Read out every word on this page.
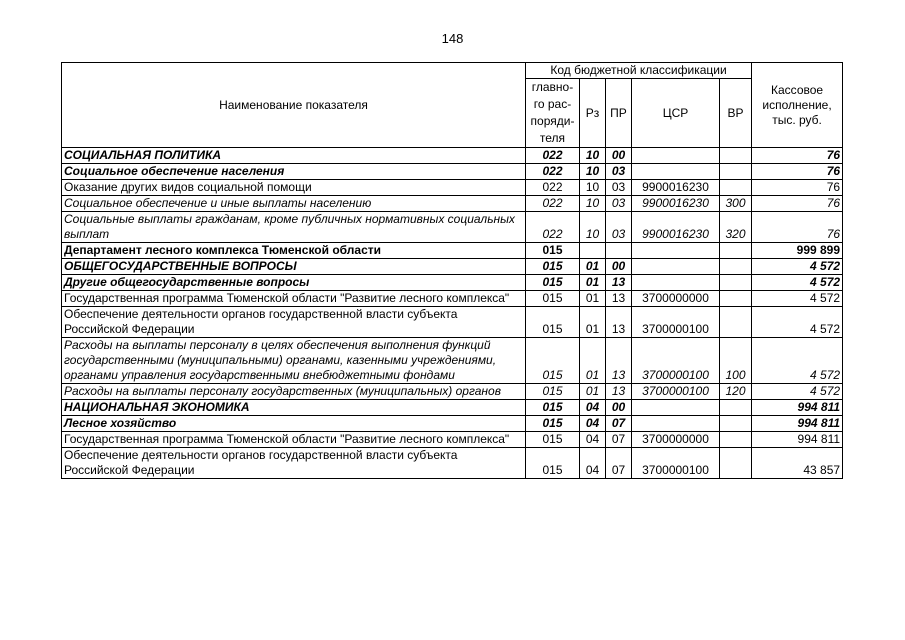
148
Наименование показателя	Код бюджетной классификации					Кассовое исполнение, тыс. руб.
	главно-го рас-поряди-теля	Рз	ПР	ЦСР	ВР	
СОЦИАЛЬНАЯ ПОЛИТИКА	022	10	00			76
Социальное обеспечение населения	022	10	03			76
Оказание других видов социальной помощи	022	10	03	9900016230		76
Социальное обеспечение и иные выплаты населению	022	10	03	9900016230	300	76
Социальные выплаты гражданам, кроме публичных нормативных социальных выплат	022	10	03	9900016230	320	76
Департамент лесного комплекса Тюменской области	015					999 899
ОБЩЕГОСУДАРСТВЕННЫЕ ВОПРОСЫ	015	01	00			4 572
Другие общегосударственные вопросы	015	01	13			4 572
Государственная программа Тюменской области "Развитие лесного комплекса"	015	01	13	3700000000		4 572
Обеспечение деятельности органов государственной власти субъекта Российской Федерации	015	01	13	3700000100		4 572
Расходы на выплаты персоналу в целях обеспечения выполнения функций государственными (муниципальными) органами, казенными учреждениями, органами управления государственными внебюджетными фондами	015	01	13	3700000100	100	4 572
Расходы на выплаты персоналу государственных (муниципальных) органов	015	01	13	3700000100	120	4 572
НАЦИОНАЛЬНАЯ ЭКОНОМИКА	015	04	00			994 811
Лесное хозяйство	015	04	07			994 811
Государственная программа Тюменской области "Развитие лесного комплекса"	015	04	07	3700000000		994 811
Обеспечение деятельности органов государственной власти субъекта Российской Федерации	015	04	07	3700000100		43 857
